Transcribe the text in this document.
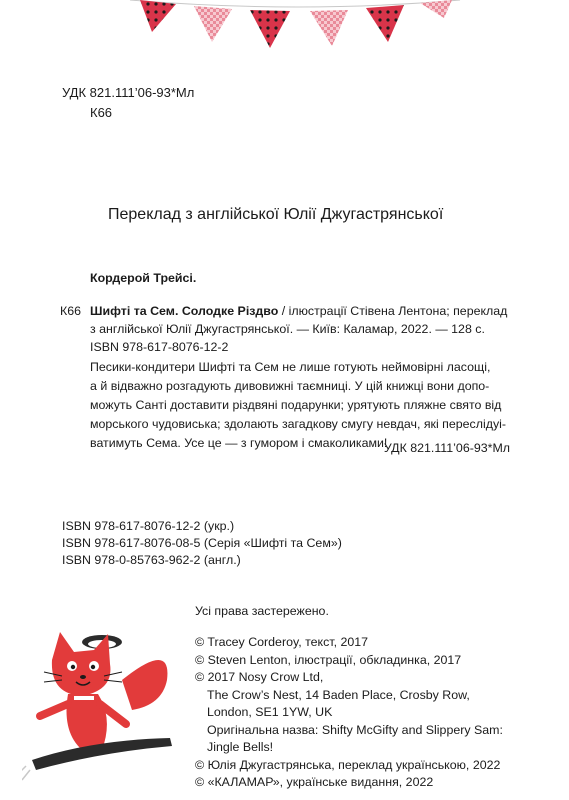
УДК 821.111’06-93*Мл
К66
Переклад з англійської Юлії Джугастрянської
Кордерой Трейсі.
К66 Шифті та Сем. Солодке Різдво / ілюстрації Стівена Лентона; переклад
з англійської Юлії Джугастрянської. — Київ: Каламар, 2022. — 128 с.
ISBN 978-617-8076-12-2
Песики-кондитери Шифті та Сем не лише готують неймовірні ласощі,
а й відважно розгадують дивовижні таємниці. У цій книжці вони допо-
можуть Санті доставити різдвяні подарунки; урятують пляжне свято від
морського чудовиська; здолають загадкову смугу невдач, які переслідуі-
ватимуть Сема. Усе це — з гумором і смаколиками!
УДК 821.111’06-93*Мл
ISBN 978-617-8076-12-2 (укр.)
ISBN 978-617-8076-08-5 (Серія «Шифті та Сем»)
ISBN 978-0-85763-962-2 (англ.)
Усі права застережено.
© Tracey Corderoy, текст, 2017
© Steven Lenton, ілюстрації, обкладинка, 2017
© 2017 Nosy Crow Ltd,
The Crow’s Nest, 14 Baden Place, Crosby Row,
London, SE1 1YW, UK
Оригінальна назва: Shifty McGifty and Slippery Sam:
Jingle Bells!
© Юлія Джугастрянська, переклад українською, 2022
© «КАЛАМАР», українське видання, 2022
